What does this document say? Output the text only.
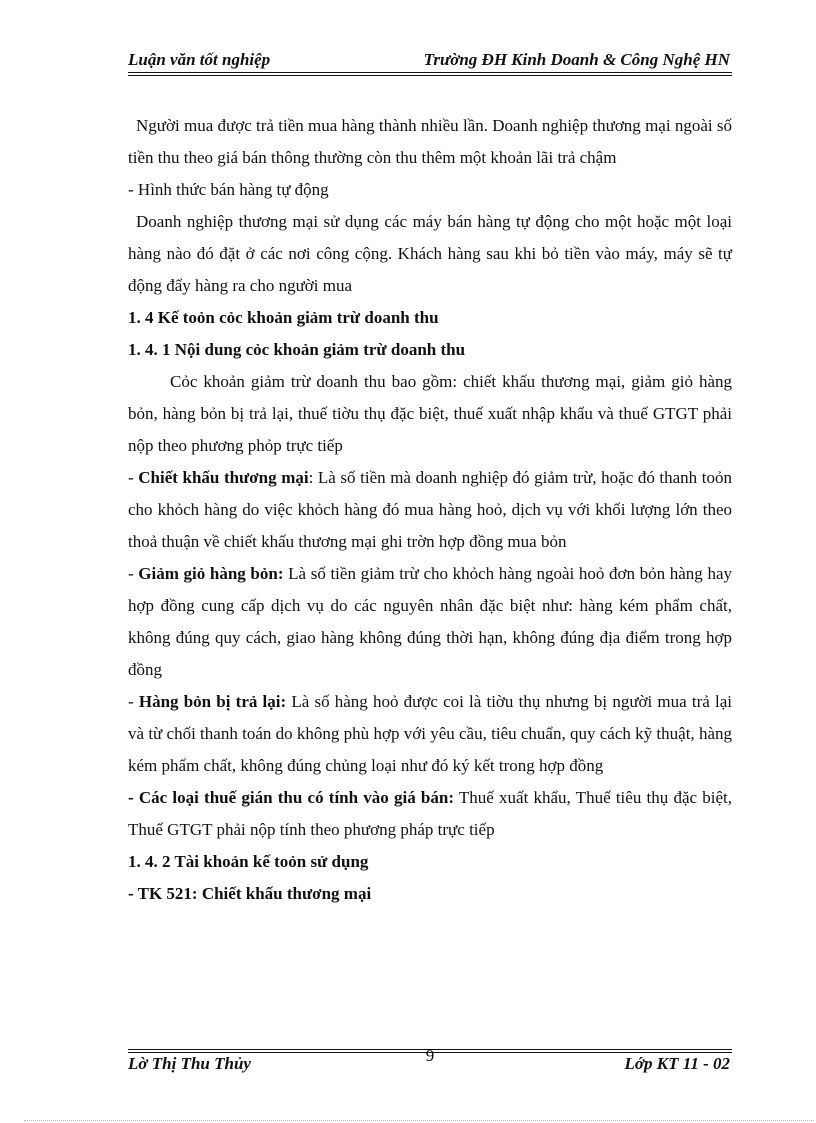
Luận văn tốt nghiệp	Trường ĐH Kinh Doanh & Công Nghệ HN

Người mua được trả tiền mua hàng thành nhiều lần. Doanh nghiệp thương mại ngoài số tiền thu theo giá bán thông thường còn thu thêm một khoản lãi trả chậm

- Hình thức bán hàng tự động

Doanh nghiệp thương mại sử dụng các máy bán hàng tự động cho một hoặc một loại hàng nào đó đặt ở các nơi công cộng. Khách hàng sau khi bỏ tiền vào máy, máy sẽ tự động đẩy hàng ra cho người mua

1. 4 Kế toỏn cỏc khoản giảm trừ doanh thu

1. 4. 1 Nội dung cỏc khoản giảm trừ doanh thu

Cỏc khoản giảm trừ doanh thu bao gồm: chiết khấu thương mại, giảm giỏ hàng bỏn, hàng bỏn bị trả lại, thuế tiờu thụ đặc biệt, thuế xuất nhập khẩu và thuế GTGT phải nộp theo phương phỏp trực tiếp

- Chiết khấu thương mại: Là số tiền mà doanh nghiệp đó giảm trừ, hoặc đó thanh toỏn cho khỏch hàng do việc khỏch hàng đó mua hàng hoỏ, dịch vụ với khối lượng lớn theo thoả thuận về chiết khấu thương mại ghi trờn hợp đồng mua bỏn

- Giảm giỏ hàng bỏn: Là số tiền giảm trừ cho khỏch hàng ngoài hoỏ đơn bỏn hàng hay hợp đồng cung cấp dịch vụ do các nguyên nhân đặc biệt như: hàng kém phẩm chất, không đúng quy cách, giao hàng không đúng thời hạn, không đúng địa điểm trong hợp đồng

- Hàng bỏn bị trả lại: Là số hàng hoỏ được coi là tiờu thụ nhưng bị người mua trả lại và từ chối thanh toán do không phù hợp với yêu cầu, tiêu chuẩn, quy cách kỹ thuật, hàng kém phẩm chất, không đúng chủng loại như đó ký kết trong hợp đồng

- Các loại thuế gián thu có tính vào giá bán: Thuế xuất khẩu, Thuế tiêu thụ đặc biệt, Thuế GTGT phải nộp tính theo phương pháp trực tiếp

1. 4. 2 Tài khoản kế toỏn sử dụng

- TK 521: Chiết khấu thương mại

Lờ Thị Thu Thủy	9	Lớp KT 11 - 02
